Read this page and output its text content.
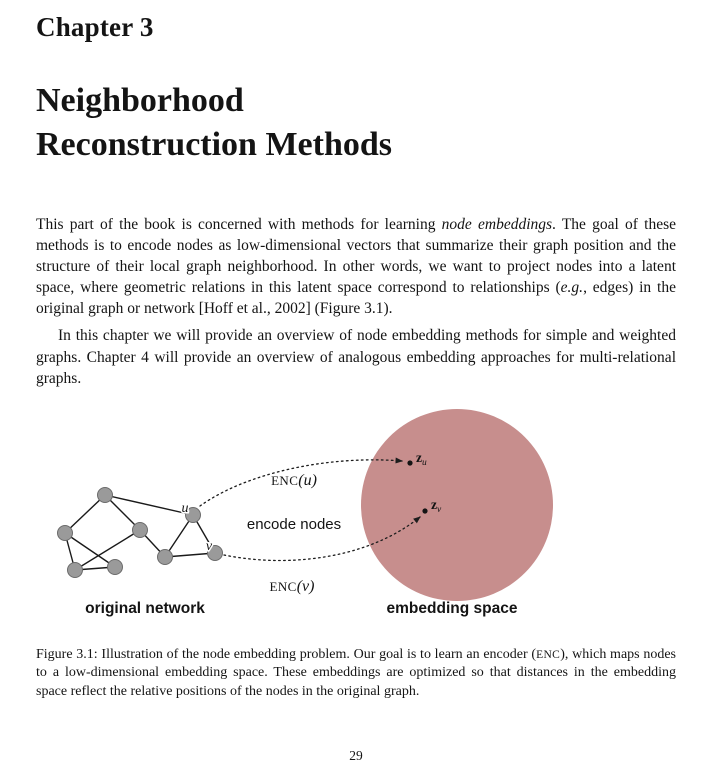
Chapter 3
Neighborhood
Reconstruction Methods

This part of the book is concerned with methods for learning node embeddings. The goal of these methods is to encode nodes as low-dimensional vectors that summarize their graph position and the structure of their local graph neighborhood. In other words, we want to project nodes into a latent space, where geometric relations in this latent space correspond to relationships (e.g., edges) in the original graph or network [Hoff et al., 2002] (Figure 3.1).

In this chapter we will provide an overview of node embedding methods for simple and weighted graphs. Chapter 4 will provide an overview of analogous embedding approaches for multi-relational graphs.

u
v
zu
zv
ENC(u)
encode nodes
ENC(v)
original network	embedding space

Figure 3.1: Illustration of the node embedding problem. Our goal is to learn an encoder (ENC), which maps nodes to a low-dimensional embedding space. These embeddings are optimized so that distances in the embedding space reflect the relative positions of the nodes in the original graph.

29
